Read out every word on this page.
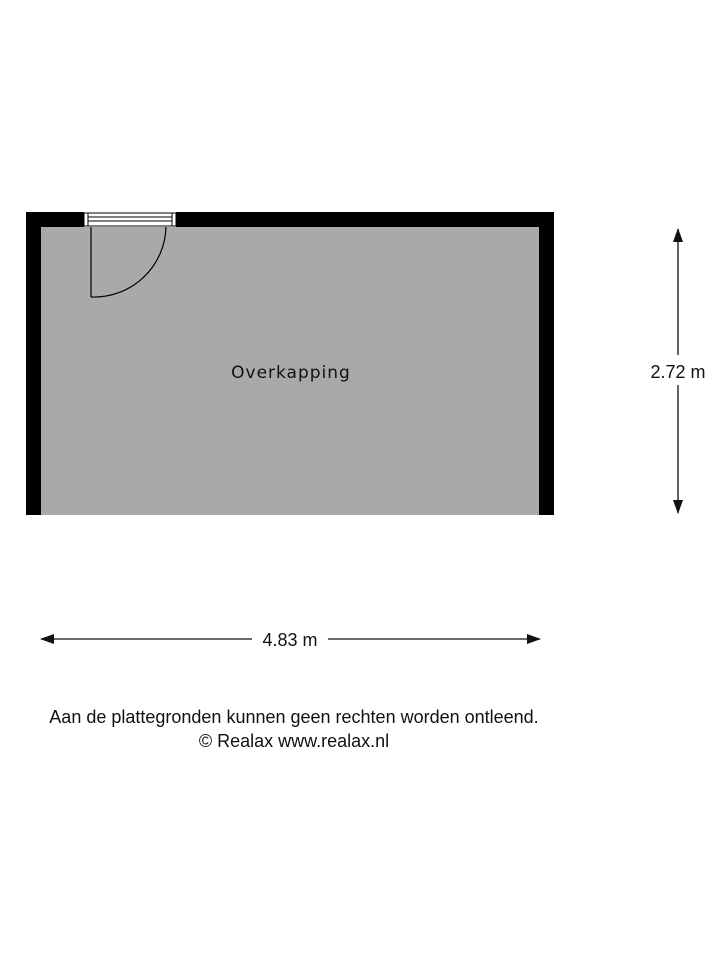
Overkapping
4.83 m
2.72 m
Aan de plattegronden kunnen geen rechten worden ontleend.
© Realax www.realax.nl
